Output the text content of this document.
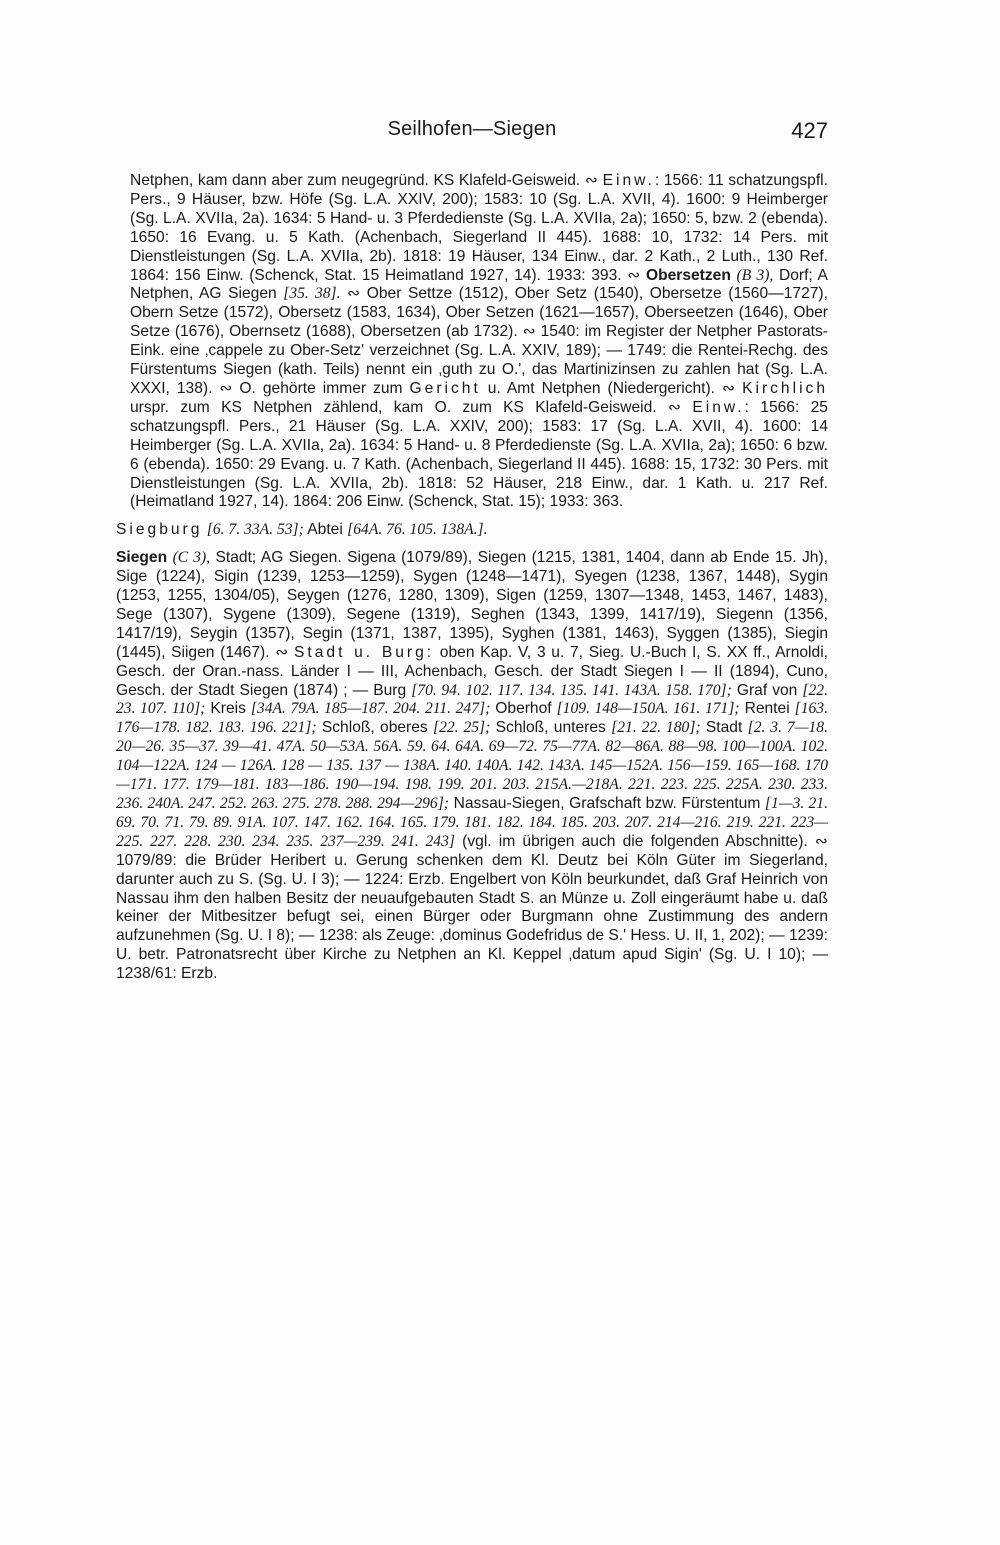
Seilhofen—Siegen	427

Netphen, kam dann aber zum neugegründ. KS Klafeld-Geisweid. ∾ Einw.: 1566: 11 schatzungspfl. Pers., 9 Häuser, bzw. Höfe (Sg. L.A. XXIV, 200); 1583: 10 (Sg. L.A. XVII, 4). 1600: 9 Heimberger (Sg. L.A. XVIIa, 2a). 1634: 5 Hand- u. 3 Pferdedienste (Sg. L.A. XVIIa, 2a); 1650: 5, bzw. 2 (ebenda). 1650: 16 Evang. u. 5 Kath. (Achenbach, Siegerland II 445). 1688: 10, 1732: 14 Pers. mit Dienstleistungen (Sg. L.A. XVIIa, 2b). 1818: 19 Häuser, 134 Einw., dar. 2 Kath., 2 Luth., 130 Ref. 1864: 156 Einw. (Schenck, Stat. 15 Heimatland 1927, 14). 1933: 393. ∾ Obersetzen (B 3), Dorf; A Netphen, AG Siegen [35. 38]. ∾ Ober Settze (1512), Ober Setz (1540), Obersetze (1560—1727), Obern Setze (1572), Obersetz (1583, 1634), Ober Setzen (1621—1657), Oberseetzen (1646), Ober Setze (1676), Obernsetz (1688), Obersetzen (ab 1732). ∾ 1540: im Register der Netpher Pastorats-Eink. eine ‚cappele zu Ober-Setz' verzeichnet (Sg. L.A. XXIV, 189); — 1749: die Rentei-Rechg. des Fürstentums Siegen (kath. Teils) nennt ein ‚guth zu O.', das Martinizinsen zu zahlen hat (Sg. L.A. XXXI, 138). ∾ O. gehörte immer zum Gericht u. Amt Netphen (Niedergericht). ∾ Kirchlich urspr. zum KS Netphen zählend, kam O. zum KS Klafeld-Geisweid. ∾ Einw.: 1566: 25 schatzungspfl. Pers., 21 Häuser (Sg. L.A. XXIV, 200); 1583: 17 (Sg. L.A. XVII, 4). 1600: 14 Heimberger (Sg. L.A. XVIIa, 2a). 1634: 5 Hand- u. 8 Pferdedienste (Sg. L.A. XVIIa, 2a); 1650: 6 bzw. 6 (ebenda). 1650: 29 Evang. u. 7 Kath. (Achenbach, Siegerland II 445). 1688: 15, 1732: 30 Pers. mit Dienstleistungen (Sg. L.A. XVIIa, 2b). 1818: 52 Häuser, 218 Einw., dar. 1 Kath. u. 217 Ref. (Heimatland 1927, 14). 1864: 206 Einw. (Schenck, Stat. 15); 1933: 363.

Siegburg [6. 7. 33A. 53]; Abtei [64A. 76. 105. 138A.].

Siegen (C 3), Stadt; AG Siegen. Sigena (1079/89), Siegen (1215, 1381, 1404, dann ab Ende 15. Jh), Sige (1224), Sigin (1239, 1253—1259), Sygen (1248—1471), Syegen (1238, 1367, 1448), Sygin (1253, 1255, 1304/05), Seygen (1276, 1280, 1309), Sigen (1259, 1307—1348, 1453, 1467, 1483), Sege (1307), Sygene (1309), Segene (1319), Seghen (1343, 1399, 1417/19), Siegenn (1356, 1417/19), Seygin (1357), Segin (1371, 1387, 1395), Syghen (1381, 1463), Syggen (1385), Siegin (1445), Siigen (1467). ∾ Stadt u. Burg: oben Kap. V, 3 u. 7, Sieg. U.-Buch I, S. XX ff., Arnoldi, Gesch. der Oran.-nass. Länder I — III, Achenbach, Gesch. der Stadt Siegen I — II (1894), Cuno, Gesch. der Stadt Siegen (1874) ; — Burg [70. 94. 102. 117. 134. 135. 141. 143A. 158. 170]; Graf von [22. 23. 107. 110]; Kreis [34A. 79A. 185—187. 204. 211. 247]; Oberhof [109. 148—150A. 161. 171]; Rentei [163. 176—178. 182. 183. 196. 221]; Schloß, oberes [22. 25]; Schloß, unteres [21. 22. 180]; Stadt [2. 3. 7—18. 20—26. 35—37. 39—41. 47A. 50—53A. 56A. 59. 64. 64A. 69—72. 75—77A. 82—86A. 88—98. 100—100A. 102. 104—122A. 124 — 126A. 128 — 135. 137 — 138A. 140. 140A. 142. 143A. 145—152A. 156—159. 165—168. 170—171. 177. 179—181. 183—186. 190—194. 198. 199. 201. 203. 215A.—218A. 221. 223. 225. 225A. 230. 233. 236. 240A. 247. 252. 263. 275. 278. 288. 294—296]; Nassau-Siegen, Grafschaft bzw. Fürstentum [1—3. 21. 69. 70. 71. 79. 89. 91A. 107. 147. 162. 164. 165. 179. 181. 182. 184. 185. 203. 207. 214—216. 219. 221. 223—225. 227. 228. 230. 234. 235. 237—239. 241. 243] (vgl. im übrigen auch die folgenden Abschnitte). ∾ 1079/89: die Brüder Heribert u. Gerung schenken dem Kl. Deutz bei Köln Güter im Siegerland, darunter auch zu S. (Sg. U. I 3); — 1224: Erzb. Engelbert von Köln beurkundet, daß Graf Heinrich von Nassau ihm den halben Besitz der neuaufgebauten Stadt S. an Münze u. Zoll eingeräumt habe u. daß keiner der Mitbesitzer befugt sei, einen Bürger oder Burgmann ohne Zustimmung des andern aufzunehmen (Sg. U. I 8); — 1238: als Zeuge: ‚dominus Godefridus de S.' Hess. U. II, 1, 202); — 1239: U. betr. Patronatsrecht über Kirche zu Netphen an Kl. Keppel ‚datum apud Sigin' (Sg. U. I 10); — 1238/61: Erzb.
